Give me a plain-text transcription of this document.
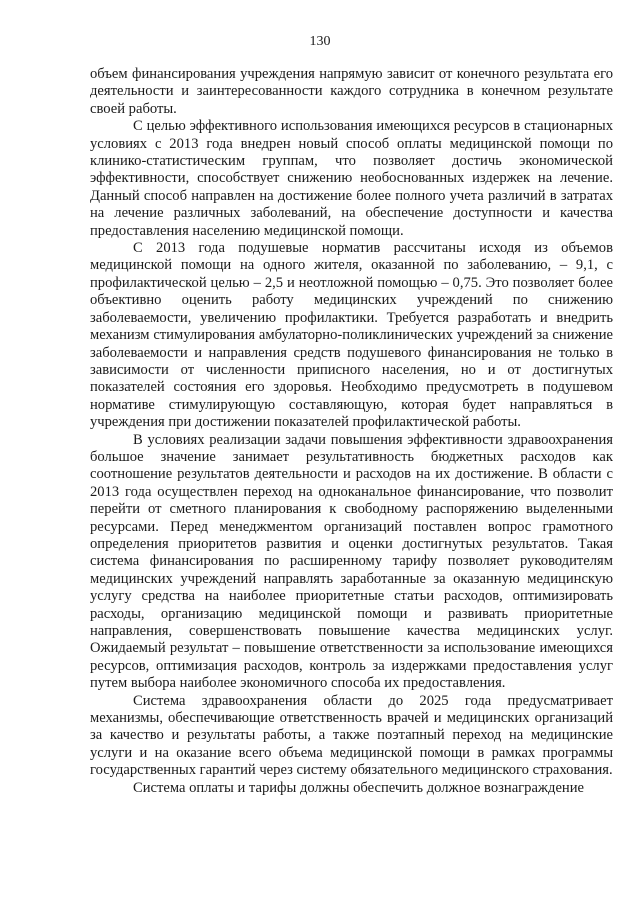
130

объем финансирования учреждения напрямую зависит от конечного результата его деятельности и заинтересованности каждого сотрудника в конечном результате своей работы.

С целью эффективного использования имеющихся ресурсов в стационарных условиях с 2013 года внедрен новый способ оплаты медицинской помощи по клинико-статистическим группам, что позволяет достичь экономической эффективности, способствует снижению необоснованных издержек на лечение. Данный способ направлен на достижение более полного учета различий в затратах на лечение различных заболеваний, на обеспечение доступности и качества предоставления населению медицинской помощи.

С 2013 года подушевые норматив рассчитаны исходя из объемов медицинской помощи на одного жителя, оказанной по заболеванию, – 9,1, с профилактической целью – 2,5 и неотложной помощью – 0,75. Это позволяет более объективно оценить работу медицинских учреждений по снижению заболеваемости, увеличению профилактики. Требуется разработать и внедрить механизм стимулирования амбулаторно-поликлинических учреждений за снижение заболеваемости и направления средств подушевого финансирования не только в зависимости от численности приписного населения, но и от достигнутых показателей состояния его здоровья. Необходимо предусмотреть в подушевом нормативе стимулирующую составляющую, которая будет направляться в учреждения при достижении показателей профилактической работы.

В условиях реализации задачи повышения эффективности здравоохранения большое значение занимает результативность бюджетных расходов как соотношение результатов деятельности и расходов на их достижение. В области с 2013 года осуществлен переход на одноканальное финансирование, что позволит перейти от сметного планирования к свободному распоряжению выделенными ресурсами. Перед менеджментом организаций поставлен вопрос грамотного определения приоритетов развития и оценки достигнутых результатов. Такая система финансирования по расширенному тарифу позволяет руководителям медицинских учреждений направлять заработанные за оказанную медицинскую услугу средства на наиболее приоритетные статьи расходов, оптимизировать расходы, организацию медицинской помощи и развивать приоритетные направления, совершенствовать повышение качества медицинских услуг. Ожидаемый результат – повышение ответственности за использование имеющихся ресурсов, оптимизация расходов, контроль за издержками предоставления услуг путем выбора наиболее экономичного способа их предоставления.

Система здравоохранения области до 2025 года предусматривает механизмы, обеспечивающие ответственность врачей и медицинских организаций за качество и результаты работы, а также поэтапный переход на медицинские услуги и на оказание всего объема медицинской помощи в рамках программы государственных гарантий через систему обязательного медицинского страхования.

Система оплаты и тарифы должны обеспечить должное вознаграждение
